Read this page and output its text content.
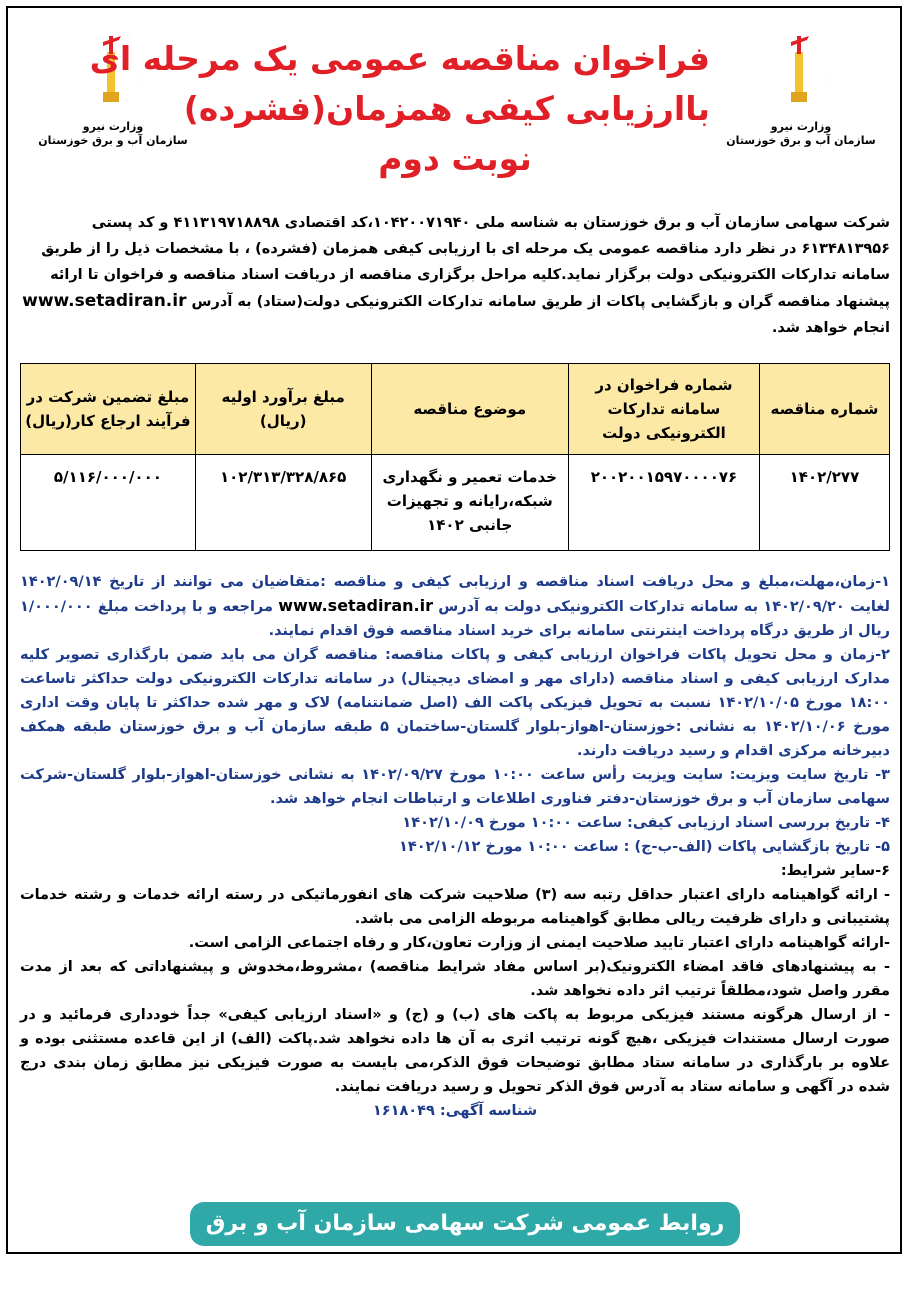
وزارت نیرو
سازمان آب و برق خوزستان
وزارت نیرو
سازمان آب و برق خوزستان
فراخوان مناقصه عمومی یک مرحله ای
باارزیابی کیفی همزمان(فشرده)
نوبت دوم
شرکت سهامی سازمان آب و برق خوزستان به شناسه ملی ۱۰۴۲۰۰۷۱۹۴۰،کد اقتصادی ۴۱۱۳۱۹۷۱۸۸۹۸ و کد پستی
۶۱۳۴۸۱۳۹۵۶ در نظر دارد مناقصه عمومی یک مرحله ای با ارزیابی کیفی همزمان (فشرده) ، با مشخصات ذیل را از طریق
سامانه تدارکات الکترونیکی دولت برگزار نماید.کلیه مراحل برگزاری مناقصه از دریافت اسناد مناقصه و فراخوان تا ارائه
پیشنهاد مناقصه گران و بازگشایی پاکات از طریق سامانه تدارکات الکترونیکی دولت(ستاد) به آدرس www.setadiran.ir
انجام خواهد شد.
شماره مناقصه	شماره فراخوان در سامانه تدارکات الکترونیکی دولت	موضوع مناقصه	مبلغ برآورد اولیه (ریال)	مبلغ تضمین شرکت در فرآیند ارجاع کار(ریال)
۱۴۰۲/۲۷۷	۲۰۰۲۰۰۱۵۹۷۰۰۰۰۷۶	خدمات تعمیر و نگهداری شبکه،رایانه و تجهیزات جانبی ۱۴۰۲	۱۰۲/۳۱۳/۳۲۸/۸۶۵	۵/۱۱۶/۰۰۰/۰۰۰

۱-زمان،مهلت،مبلغ و محل دریافت اسناد مناقصه و ارزیابی کیفی و مناقصه :متقاضیان می توانند از تاریخ ۱۴۰۲/۰۹/۱۴ لغایت ۱۴۰۲/۰۹/۲۰ به سامانه تدارکات الکترونیکی دولت به آدرس www.setadiran.ir مراجعه و با پرداخت مبلغ ۱/۰۰۰/۰۰۰ ریال از طریق درگاه پرداخت اینترنتی سامانه برای خرید اسناد مناقصه فوق اقدام نمایند.

۲-زمان و محل تحویل پاکات فراخوان ارزیابی کیفی و پاکات مناقصه: مناقصه گران می باید ضمن بارگذاری تصویر کلیه مدارک ارزیابی کیفی و اسناد مناقصه (دارای مهر و امضای دیجیتال) در سامانه تدارکات الکترونیکی دولت حداکثر تاساعت ۱۸:۰۰ مورخ ۱۴۰۲/۱۰/۰۵ نسبت به تحویل فیزیکی پاکت الف (اصل ضمانتنامه) لاک و مهر شده حداکثر تا پایان وقت اداری مورخ ۱۴۰۲/۱۰/۰۶ به نشانی :خوزستان-اهواز-بلوار گلستان-ساختمان ۵ طبقه سازمان آب و برق خوزستان طبقه همکف دبیرخانه مرکزی اقدام و رسید دریافت دارند.

۳- تاریخ سایت ویزیت: سایت ویزیت رأس ساعت ۱۰:۰۰ مورخ ۱۴۰۲/۰۹/۲۷ به نشانی خوزستان-اهواز-بلوار گلستان-شرکت سهامی سازمان آب و برق خوزستان-دفتر فناوری اطلاعات و ارتباطات انجام خواهد شد.

۴- تاریخ بررسی اسناد ارزیابی کیفی: ساعت ۱۰:۰۰ مورخ ۱۴۰۲/۱۰/۰۹

۵- تاریخ بازگشایی پاکات (الف-ب-ج) : ساعت ۱۰:۰۰ مورخ ۱۴۰۲/۱۰/۱۲

۶-سایر شرایط:

- ارائه گواهینامه دارای اعتبار حداقل رتبه سه (۳) صلاحیت شرکت های انفورماتیکی در رسته ارائه خدمات و رشته خدمات پشتیبانی و دارای ظرفیت ریالی مطابق گواهینامه مربوطه الزامی می باشد.

-ارائه گواهینامه دارای اعتبار تایید صلاحیت ایمنی از وزارت تعاون،کار و رفاه اجتماعی الزامی است.

- به پیشنهادهای فاقد امضاء الکترونیک(بر اساس مفاد شرایط مناقصه) ،مشروط،مخدوش و پیشنهاداتی که بعد از مدت مقرر واصل شود،مطلقاً ترتیب اثر داده نخواهد شد.

- از ارسال هرگونه مستند فیزیکی مربوط به پاکت های (ب) و (ج) و «اسناد ارزیابی کیفی» جداً خودداری فرمائید و در صورت ارسال مستندات فیزیکی ،هیچ گونه ترتیب اثری به آن ها داده نخواهد شد.پاکت (الف) از این قاعده مستثنی بوده و علاوه بر بارگذاری در سامانه ستاد مطابق توضیحات فوق الذکر،می بایست به صورت فیزیکی نیز مطابق زمان بندی درج شده در آگهی و سامانه ستاد به آدرس فوق الذکر تحویل و رسید دریافت نمایند.

شناسه آگهی: ۱۶۱۸۰۴۹

روابط عمومی شرکت سهامی سازمان آب و برق خوزستان
